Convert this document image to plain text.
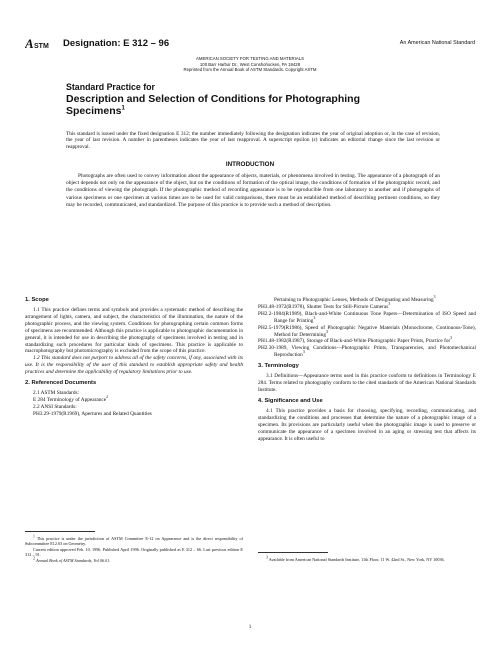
A STM Designation: E 312 – 96	An American National Standard
AMERICAN SOCIETY FOR TESTING AND MATERIALS
100 Barr Harbor Dr., West Conshohocken, PA 19428
Reprinted from the Annual Book of ASTM Standards. Copyright ASTM
Standard Practice for
Description and Selection of Conditions for Photographing
Specimens$^1$
This standard is issued under the fixed designation E 312; the number immediately following the designation indicates the year of original adoption or, in the case of revision, the year of last revision. A number in parentheses indicates the year of last reapproval. A superscript epsilon (ε) indicates an editorial change since the last revision or reapproval.
INTRODUCTION
Photographs are often used to convey information about the appearance of objects, materials, or phenomena involved in testing. The appearance of a photograph of an object depends not only on the appearance of the object, but on the conditions of formation of the optical image, the conditions of formation of the photographic record, and the conditions of viewing the photograph. If the photographic method of recording appearance is to be reproducible from one laboratory to another and if photographs of various specimens or one specimen at various times are to be used for valid comparisons, there must be an established method of describing pertinent conditions, so they may be recorded, communicated, and standardized. The purpose of this practice is to provide such a method of description.
1. Scope

1.1 This practice defines terms and symbols and provides a systematic method of describing the arrangement of lights, camera, and subject, the characteristics of the illumination, the nature of the photographic process, and the viewing system. Conditions for photographing certain common forms of specimens are recommended. Although this practice is applicable to photographic documentation in general, it is intended for use in describing the photography of specimens involved in testing and in standardizing such procedures for particular kinds of specimens. This practice is applicable to macrophotography but photomicrography is excluded from the scope of this practice.

1.2 This standard does not purport to address all of the safety concerns, if any, associated with its use. It is the responsibility of the user of this standard to establish appropriate safety and health practices and determine the applicability of regulatory limitations prior to use.

2. Referenced Documents

2.1 ASTM Standards:

E 284 Terminology of Appearance$^2$

2.2 ANSI Standards:

PH3.29-1979(R1969), Apertures and Related Quantities

Pertaining to Photographic Lenses, Methods of Designating and Measuring$^3$

PH3.48-1972(R1978), Shutter Tests for Still-Picture Cameras$^3$

PH2.2-1984(R1989), Black-and-White Continuous Tone Papers—Determination of ISO Speed and Range for Printing$^3$

PH2.5-1979(R1986), Speed of Photographic Negative Materials (Monochrome, Continuous-Tone), Method for Determining$^3$

PH1.48-1982(R1987), Storage of Black-and-White Photographic Paper Prints, Practice for$^3$

PH2.30-1989, Viewing Conditions—Photographic Prints, Transparencies, and Photomechanical Reproduction$^3$

3. Terminology

3.1 Definitions—Appearance terms used in this practice conform to definitions in Terminology E 284. Terms related to photography conform to the cited standards of the American National Standards Institute.

4. Significance and Use

4.1 This practice provides a basis for choosing, specifying, recording, communicating, and standardizing the conditions and processes that determine the nature of a photographic image of a specimen. Its provisions are particularly useful when the photographic image is used to preserve or communicate the appearance of a specimen involved in an aging or stressing test that affects its appearance. It is often useful to

$^1$ This practice is under the jurisdiction of ASTM Committee E-12 on Appearance and is the direct responsibility of Subcommittee E12.03 on Geometry.
Current edition approved Feb. 10, 1996. Published April 1996. Originally published as E 312 – 66. Last previous edition E 312 – 91.
$^2$ Annual Book of ASTM Standards, Vol 06.01.
$^3$ Available from American National Standards Institute, 11th Floor, 11 W. 42nd St., New York, NY 10036.
1
